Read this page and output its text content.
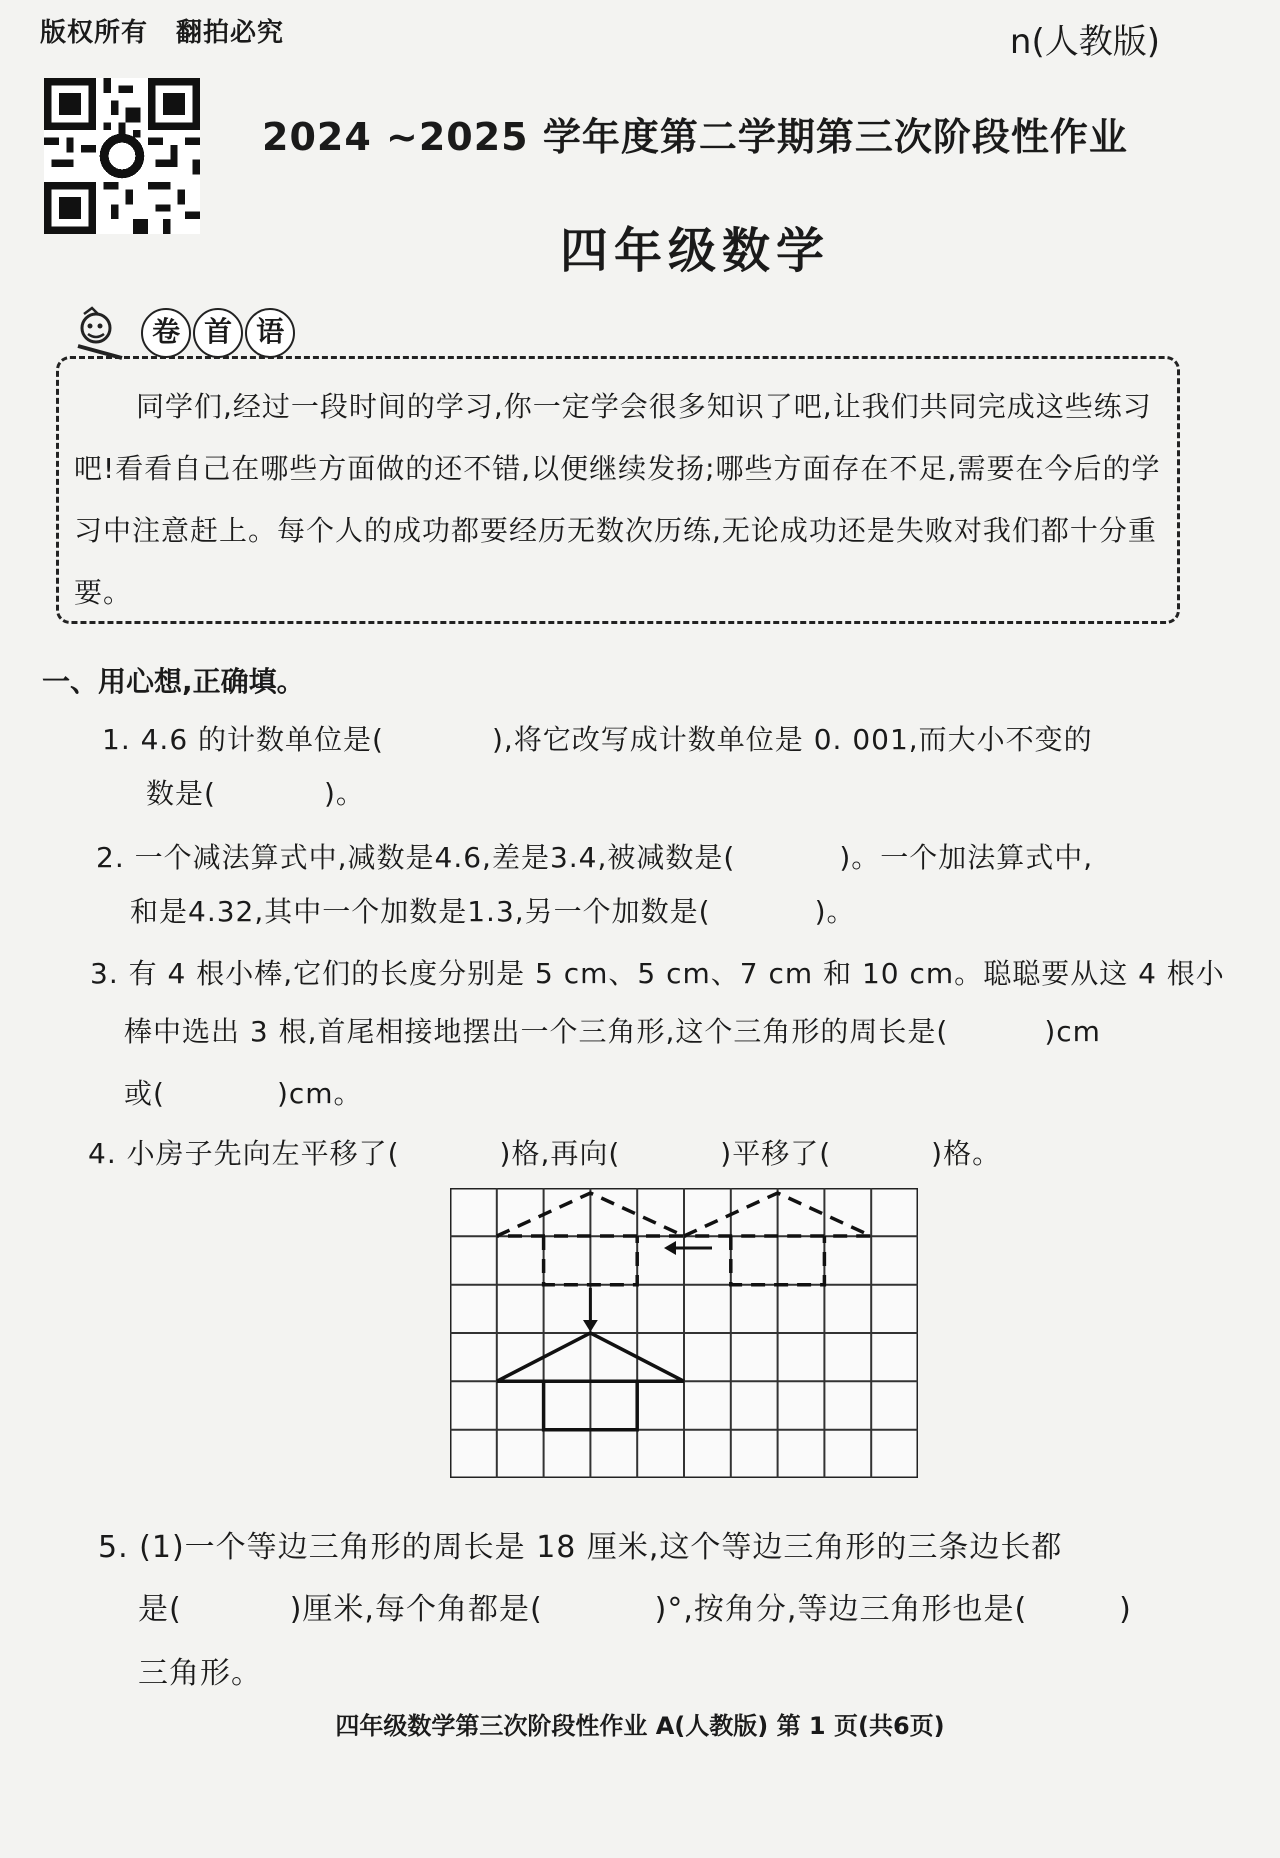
版权所有 翻拍必究	n(人教版)
2024 ~2025 学年度第二学期第三次阶段性作业
四年级数学
卷 首 语
同学们,经过一段时间的学习,你一定学会很多知识了吧,让我们共同完成这些练习吧!看看自己在哪些方面做的还不错,以便继续发扬;哪些方面存在不足,需要在今后的学习中注意赶上。每个人的成功都要经历无数次历练,无论成功还是失败对我们都十分重要。
一、用心想,正确填。
1. 4.6 的计数单位是(	),将它改写成计数单位是 0. 001,而大小不变的
数是(	)。
2. 一个减法算式中,减数是4.6,差是3.4,被减数是(	)。一个加法算式中,
和是4.32,其中一个加数是1.3,另一个加数是(	)。
3. 有 4 根小棒,它们的长度分别是 5 cm、5 cm、7 cm 和 10 cm。聪聪要从这 4 根小
棒中选出 3 根,首尾相接地摆出一个三角形,这个三角形的周长是(	)cm
或(	)cm。
4. 小房子先向左平移了(	)格,再向(	)平移了(	)格。
5. (1)一个等边三角形的周长是 18 厘米,这个等边三角形的三条边长都
是(	)厘米,每个角都是(	)°,按角分,等边三角形也是(	)
三角形。
四年级数学第三次阶段性作业 A(人教版) 第 1 页(共6页)
